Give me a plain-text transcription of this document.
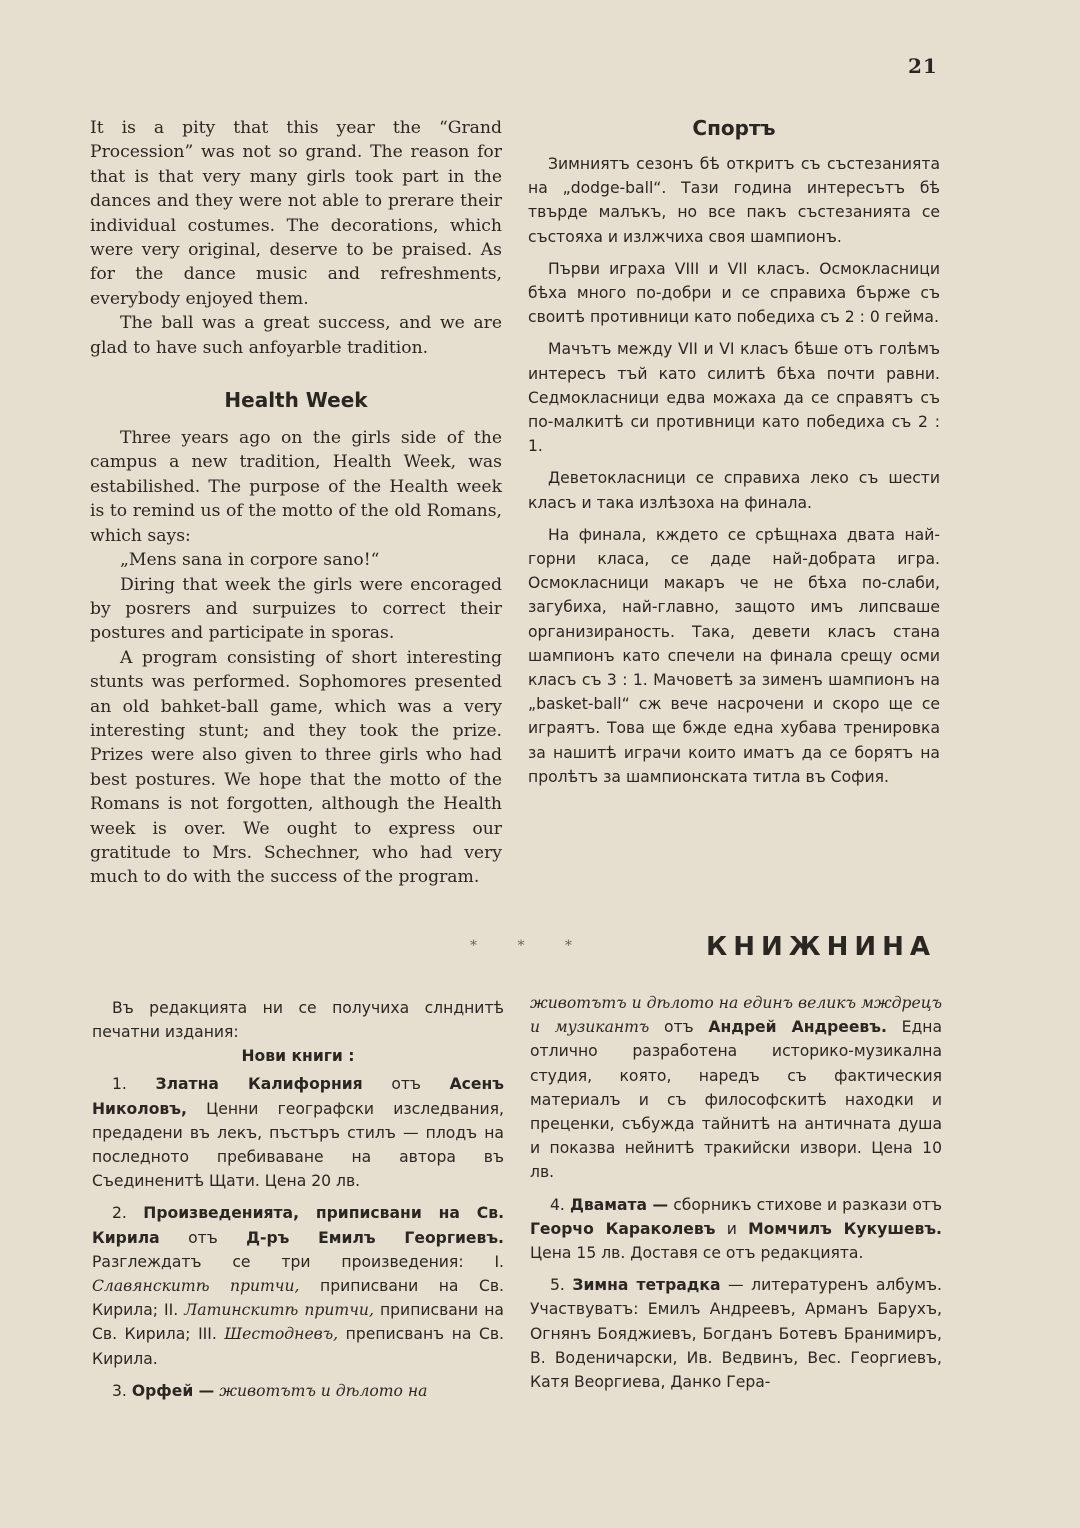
21

It is a pity that this year the “Grand Procession” was not so grand. The reason for that is that very many girls took part in the dances and they were not able to prerare their individual costumes. The decorations, which were very original, deserve to be praised. As for the dance music and refreshments, everybody enjoyed them.

The ball was a great success, and we are glad to have such anfoyarble tradition.

Health Week

Three years ago on the girls side of the campus a new tradition, Health Week, was estabilished. The purpose of the Health week is to remind us of the motto of the old Romans, which says:

„Mens sana in corpore sano!“

Diring that week the girls were encoraged by posrers and surpuizes to correct their postures and participate in sporas.

A program consisting of short interesting stunts was performed. Sophomores presented an old bahket-ball game, which was a very interesting stunt; and they took the prize. Prizes were also given to three girls who had best postures. We hope that the motto of the Romans is not forgotten, although the Health week is over. We ought to express our gratitude to Mrs. Schechner, who had very much to do with the success of the program.

Спортъ

Зимниятъ сезонъ бѣ откритъ съ състезанията на „dodge-ball“. Тази година интересътъ бѣ твърде малъкъ, но все пакъ състезанията се състояха и излжчиха своя шампионъ.

Първи играха VIII и VII класъ. Осмокласници бѣха много по-добри и се справиха бърже съ своитѣ противници като победиха съ 2 : 0 гейма.

Мачътъ между VII и VI класъ бѣше отъ голѣмъ интересъ тъй като силитѣ бѣха почти равни. Седмокласници едва можаха да се справятъ съ по-малкитѣ си противници като победиха съ 2 : 1.

Деветокласници се справиха леко съ шести класъ и така излѣзоха на финала.

На финала, кждето се срѣщнаха двата най-горни класа, се даде най-добрата игра. Осмокласници макаръ че не бѣха по-слаби, загубиха, най-главно, защото имъ липсваше организираность. Така, девети класъ стана шампионъ като спечели на финала срещу осми класъ съ 3 : 1. Мачоветѣ за зименъ шампионъ на „basket-ball“ сж вече насрочени и скоро ще се играятъ. Това ще бжде една хубава тренировка за нашитѣ играчи които иматъ да се борятъ на пролѣтъ за шампионската титла въ София.

* * *	КНИЖНИНА

Въ редакцията ни се получиха слнднитѣ печатни издания:

Нови книги :

1. Златна Калифорния отъ Асенъ Николовъ, Ценни географски изследвания, предадени въ лекъ, пъстъръ стилъ — плодъ на последното пребиваване на автора въ Съединенитѣ Щати. Цена 20 лв.

2. Произведенията, приписвани на Св. Кирила отъ Д-ръ Емилъ Георгиевъ. Разглеждатъ се три произведения: I. Славянскитѣ притчи, приписвани на Св. Кирила; II. Латинскитѣ притчи, приписвани на Св. Кирила; III. Шестодневъ, преписванъ на Св. Кирила.

3. Орфей — животътъ и дѣлото на

животътъ и дѣлото на единъ великъ мждрецъ и музикантъ отъ Андрей Андреевъ. Една отлично разработена историко-музикална студия, която, наредъ съ фактическия материалъ и съ философскитѣ находки и преценки, събужда тайнитѣ на античната душа и показва нейнитѣ тракийски извори. Цена 10 лв.

4. Двамата — сборникъ стихове и разкази отъ Георчо Караколевъ и Момчилъ Кукушевъ. Цена 15 лв. Доставя се отъ редакцията.

5. Зимна тетрадка — литературенъ албумъ. Участвуватъ: Емилъ Андреевъ, Арманъ Барухъ, Огнянъ Бояджиевъ, Богданъ Ботевъ Бранимиръ, В. Воденичарски, Ив. Ведвинъ, Вес. Георгиевъ, Катя Веоргиева, Данко Гера-
